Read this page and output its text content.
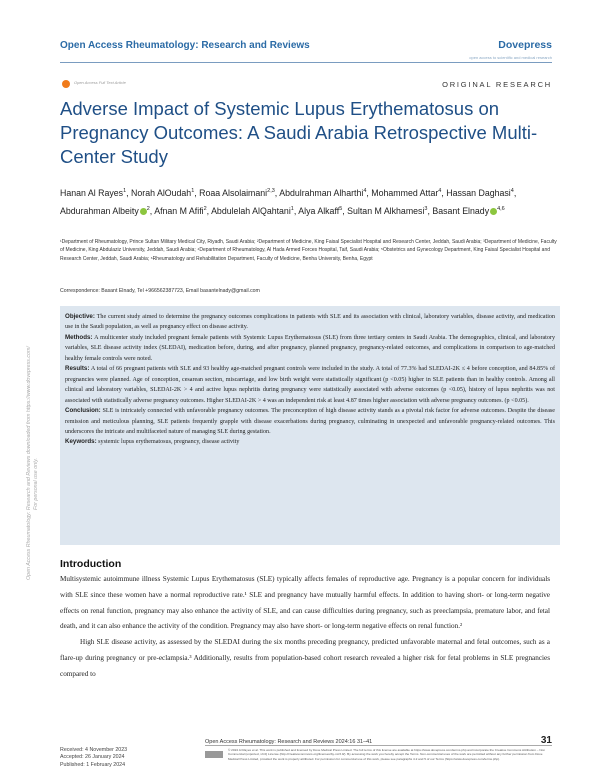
Open Access Rheumatology: Research and Reviews	Dovepress
open access to scientific and medical research
Open Access Full Text Article	ORIGINAL RESEARCH
Adverse Impact of Systemic Lupus Erythematosus on Pregnancy Outcomes: A Saudi Arabia Retrospective Multi-Center Study
Hanan Al Rayes$^1$, Norah AlOudah$^1$, Roaa Alsolaimani$^{2,3}$, Abdulrahman Alharthi$^4$, Mohammed Attar$^4$, Hassan Daghasi$^4$, Abdurahman Albeity $^2$, Afnan M Afifi$^2$, Abdulelah AlQahtani$^1$, Alya Alkaff$^5$, Sultan M Alkhamesi$^3$, Basant Elnady $^{4,6}$
¹Department of Rheumatology, Prince Sultan Military Medical City, Riyadh, Saudi Arabia; ²Department of Medicine, King Faisal Specialist Hospital and Research Center, Jeddah, Saudi Arabia; ³Department of Medicine, Faculty of Medicine, King Abdulaziz University, Jeddah, Saudi Arabia; ⁴Department of Rheumatology, Al Hada Armed Forces Hospital, Taif, Saudi Arabia; ⁵Obstetrics and Gynecology Department, King Faisal Specialist Hospital and Research Center, Jeddah, Saudi Arabia; ⁶Rheumatology and Rehabilitation Department, Faculty of Medicine, Benha University, Benha, Egypt
Correspondence: Basant Elnady, Tel +966562387723, Email basantelnady@gmail.com

Objective: The current study aimed to determine the pregnancy outcomes complications in patients with SLE and its association with clinical, laboratory variables, disease activity, and medication use in the Saudi population, as well as pregnancy effect on disease activity.

Methods: A multicenter study included pregnant female patients with Systemic Lupus Erythematosus (SLE) from three tertiary centers in Saudi Arabia. The demographics, clinical, and laboratory variables, SLE disease activity index (SLEDAI), medication before, during, and after pregnancy, planned pregnancy, pregnancy-related outcomes, and complications in comparison to age-matched healthy female controls were noted.

Results: A total of 66 pregnant patients with SLE and 93 healthy age-matched pregnant controls were included in the study. A total of 77.3% had SLEDAI-2K ≤ 4 before conception, and 84.85% of pregnancies were planned. Age of conception, cesarean section, miscarriage, and low birth weight were statistically significant (p <0.05) higher in SLE patients than in healthy controls. Among all clinical and laboratory variables, SLEDAI-2K > 4 and active lupus nephritis during pregnancy were statistically associated with adverse outcomes (p <0.05), history of lupus nephritis was not associated with statistically adverse pregnancy outcomes. Higher SLEDAI-2K > 4 was an independent risk at least 4.87 times higher association with adverse pregnancy outcomes. (p <0.05).

Conclusion: SLE is intricately connected with unfavorable pregnancy outcomes. The preconception of high disease activity stands as a pivotal risk factor for adverse outcomes. Despite the disease remission and meticulous planning, SLE patients frequently grapple with disease exacerbations during pregnancy, culminating in unexpected and unfavorable pregnancy-related outcomes. This underscores the intricate and multifaceted nature of managing SLE during gestation.

Keywords: systemic lupus erythematosus, pregnancy, disease activity

Open Access Rheumatology: Research and Reviews downloaded from https://www.dovepress.com/ For personal use only.
Introduction

Multisystemic autoimmune illness Systemic Lupus Erythematosus (SLE) typically affects females of reproductive age. Pregnancy is a popular concern for individuals with SLE since these women have a normal reproductive rate.¹ SLE and pregnancy have mutually harmful effects. In addition to having short- or long-term negative effects on renal function, pregnancy may also enhance the activity of SLE, and can cause difficulties during pregnancy, such as preeclampsia, premature labor, and fetal death, and it can also enhance the activity of the condition. Pregnancy may also have short- or long-term negative effects on renal function.²

High SLE disease activity, as assessed by the SLEDAI during the six months preceding pregnancy, predicted unfavorable maternal and fetal outcomes, such as a flare-up during pregnancy or pre-eclampsia.³ Additionally, results from population-based cohort research revealed a higher risk for fetal problems in SLE pregnancies compared to

Received: 4 November 2023
Accepted: 26 January 2024
Published: 1 February 2024
Open Access Rheumatology: Research and Reviews 2024:16 31–41	31
© 2024 Al Rayes et al. This work is published and licensed by Dove Medical Press Limited. The full terms of this license are available at https://www.dovepress.com/terms.php and incorporate the Creative Commons Attribution – Non Commercial (unported, v3.0) License (http://creativecommons.org/licenses/by-nc/3.0/). By accessing the work you hereby accept the Terms. Non-commercial uses of the work are permitted without any further permission from Dove Medical Press Limited, provided the work is properly attributed. For permission for commercial use of this work, please see paragraphs 4.2 and 5 of our Terms (https://www.dovepress.com/terms.php).
